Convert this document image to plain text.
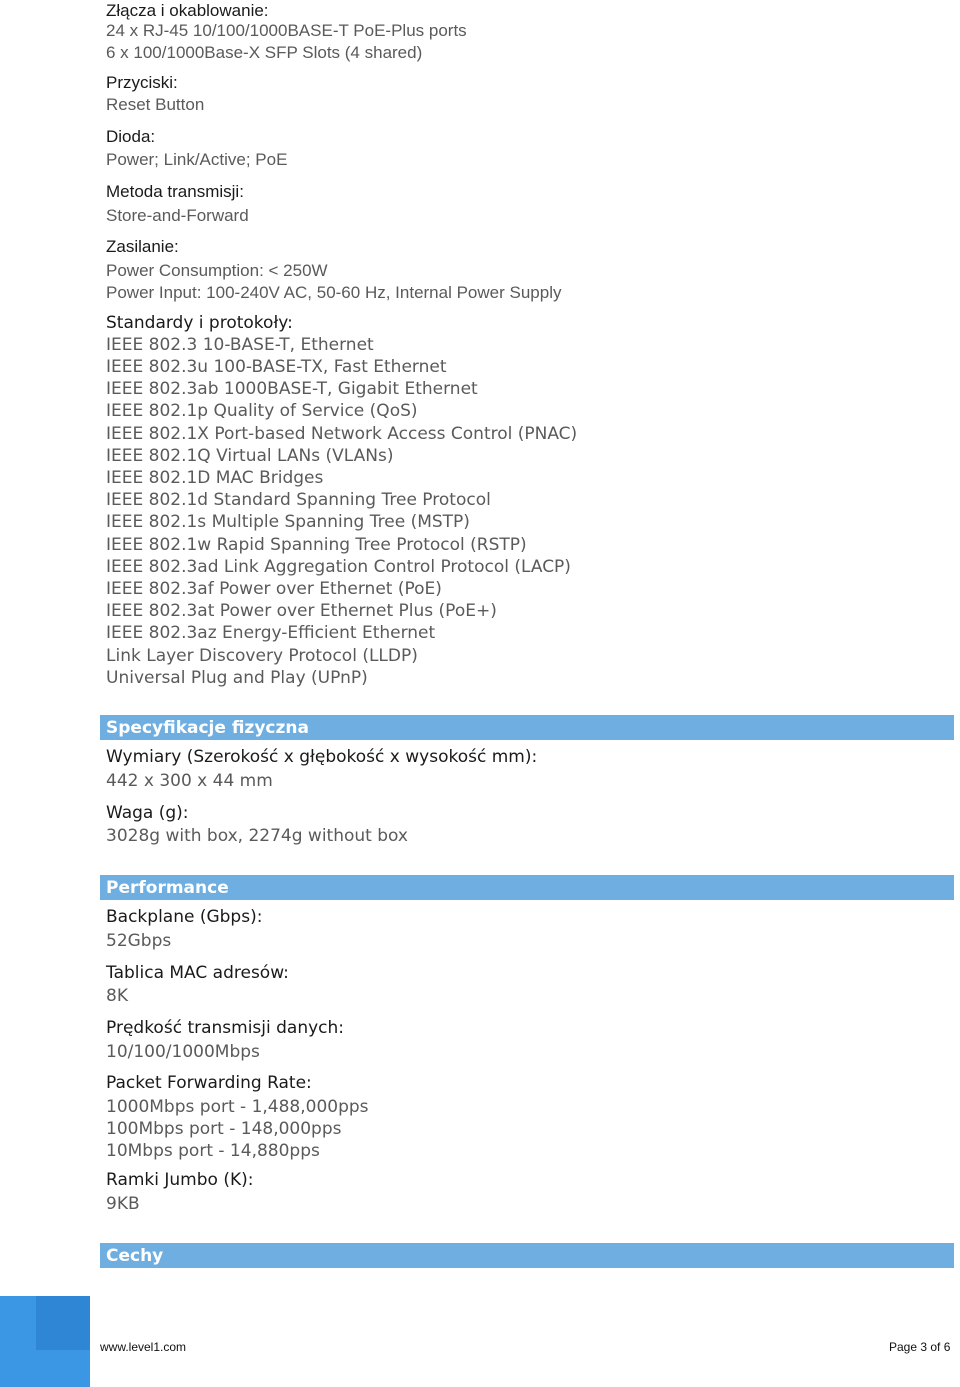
Złącza i okablowanie:
24 x RJ-45 10/100/1000BASE-T PoE-Plus ports
6 x 100/1000Base-X SFP Slots (4 shared)
Przyciski:
Reset Button
Dioda:
Power; Link/Active; PoE
Metoda transmisji:
Store-and-Forward
Zasilanie:
Power Consumption: < 250W
Power Input: 100-240V AC, 50-60 Hz, Internal Power Supply
Standardy i protokoły:
IEEE 802.3 10-BASE-T, Ethernet
IEEE 802.3u 100-BASE-TX, Fast Ethernet
IEEE 802.3ab 1000BASE-T, Gigabit Ethernet
IEEE 802.1p Quality of Service (QoS)
IEEE 802.1X Port-based Network Access Control (PNAC)
IEEE 802.1Q Virtual LANs (VLANs)
IEEE 802.1D MAC Bridges
IEEE 802.1d Standard Spanning Tree Protocol
IEEE 802.1s Multiple Spanning Tree (MSTP)
IEEE 802.1w Rapid Spanning Tree Protocol (RSTP)
IEEE 802.3ad Link Aggregation Control Protocol (LACP)
IEEE 802.3af Power over Ethernet (PoE)
IEEE 802.3at Power over Ethernet Plus (PoE+)
IEEE 802.3az Energy-Efficient Ethernet
Link Layer Discovery Protocol (LLDP)
Universal Plug and Play (UPnP)
Specyfikacje fizyczna
Wymiary (Szerokość x głębokość x wysokość mm):
442 x 300 x 44 mm
Waga (g):
3028g with box, 2274g without box
Performance
Backplane (Gbps):
52Gbps
Tablica MAC adresów:
8K
Prędkość transmisji danych:
10/100/1000Mbps
Packet Forwarding Rate:
1000Mbps port - 1,488,000pps
100Mbps port - 148,000pps
10Mbps port - 14,880pps
Ramki Jumbo (K):
9KB
Cechy
www.level1.com	Page 3 of 6
